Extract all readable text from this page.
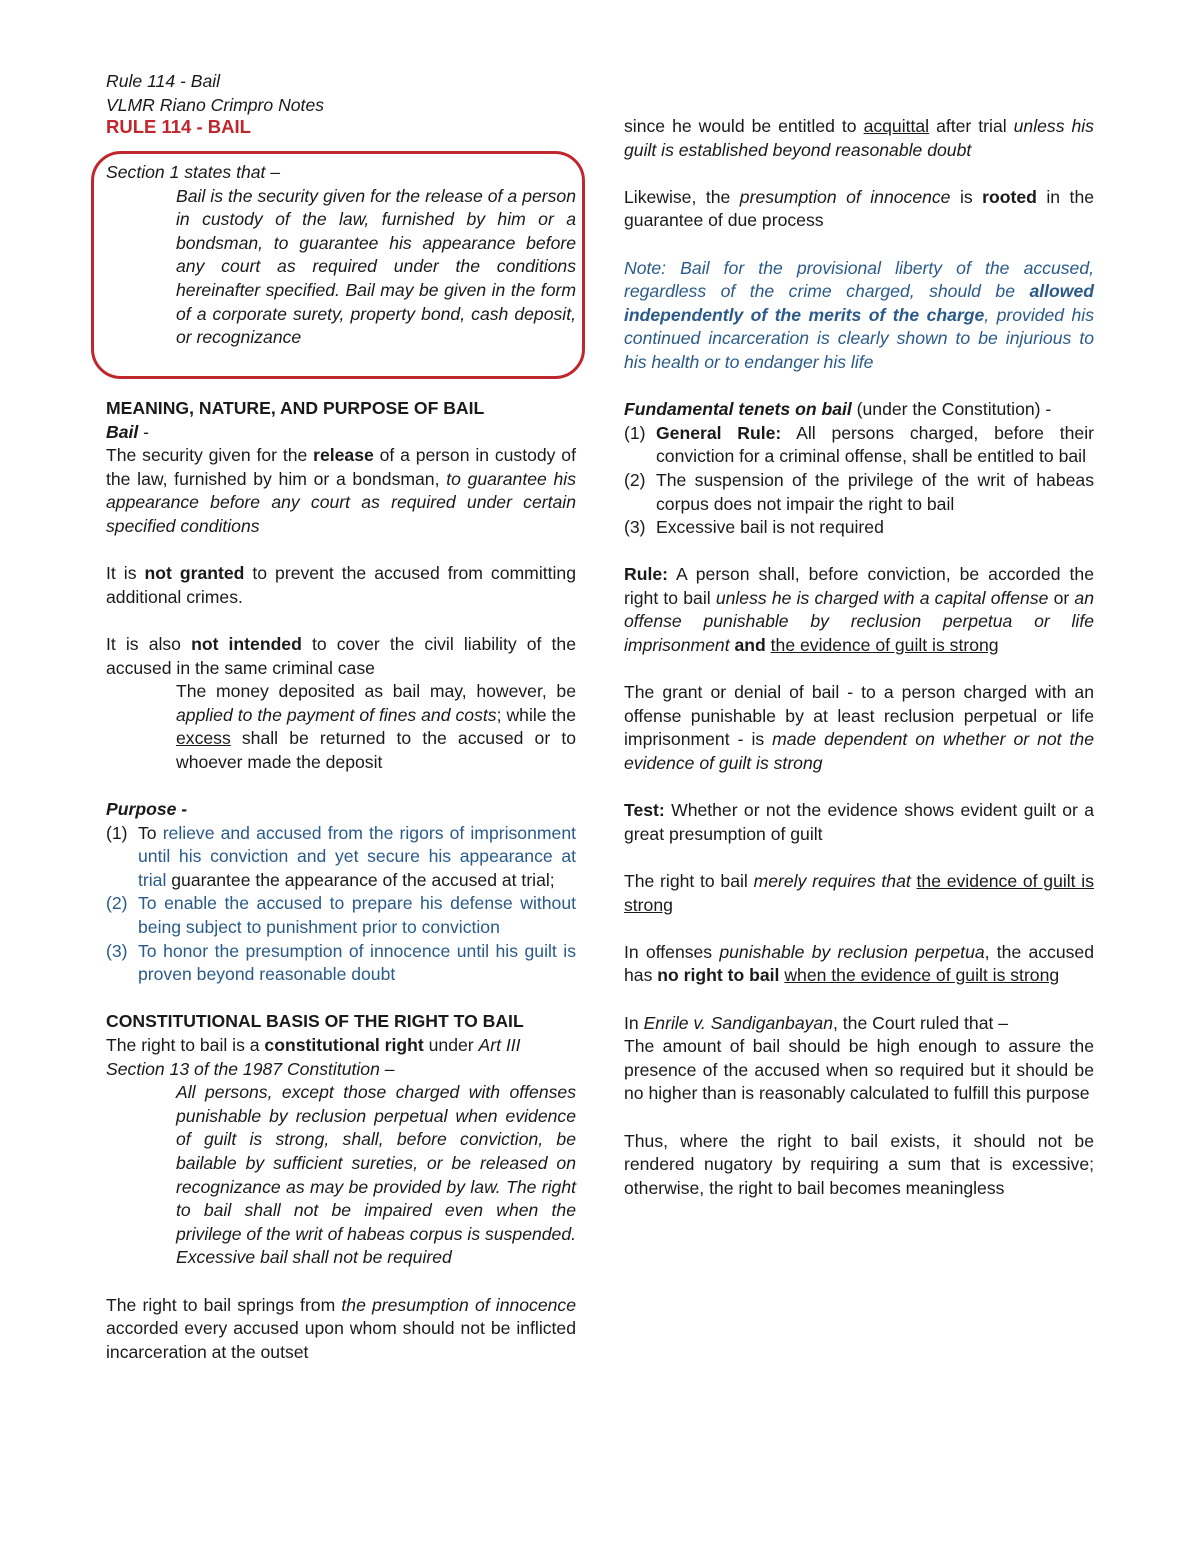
Rule 114 - Bail

VLMR Riano Crimpro Notes

RULE 114 - BAIL

Section 1 states that –

Bail is the security given for the release of a person in custody of the law, furnished by him or a bondsman, to guarantee his appearance before any court as required under the conditions hereinafter specified. Bail may be given in the form of a corporate surety, property bond, cash deposit, or recognizance

MEANING, NATURE, AND PURPOSE OF BAIL

Bail -

The security given for the release of a person in custody of the law, furnished by him or a bondsman, to guarantee his appearance before any court as required under certain specified conditions

It is not granted to prevent the accused from committing additional crimes.

It is also not intended to cover the civil liability of the accused in the same criminal case

The money deposited as bail may, however, be applied to the payment of fines and costs; while the excess shall be returned to the accused or to whoever made the deposit

Purpose -

(1) To relieve and accused from the rigors of imprisonment until his conviction and yet secure his appearance at trial guarantee the appearance of the accused at trial;
(2) To enable the accused to prepare his defense without being subject to punishment prior to conviction
(3) To honor the presumption of innocence until his guilt is proven beyond reasonable doubt

CONSTITUTIONAL BASIS OF THE RIGHT TO BAIL

The right to bail is a constitutional right under Art III Section 13 of the 1987 Constitution –

All persons, except those charged with offenses punishable by reclusion perpetual when evidence of guilt is strong, shall, before conviction, be bailable by sufficient sureties, or be released on recognizance as may be provided by law. The right to bail shall not be impaired even when the privilege of the writ of habeas corpus is suspended. Excessive bail shall not be required

The right to bail springs from the presumption of innocence accorded every accused upon whom should not be inflicted incarceration at the outset

since he would be entitled to acquittal after trial unless his guilt is established beyond reasonable doubt

Likewise, the presumption of innocence is rooted in the guarantee of due process

Note: Bail for the provisional liberty of the accused, regardless of the crime charged, should be allowed independently of the merits of the charge, provided his continued incarceration is clearly shown to be injurious to his health or to endanger his life

Fundamental tenets on bail (under the Constitution) -

(1) General Rule: All persons charged, before their conviction for a criminal offense, shall be entitled to bail
(2) The suspension of the privilege of the writ of habeas corpus does not impair the right to bail
(3) Excessive bail is not required

Rule: A person shall, before conviction, be accorded the right to bail unless he is charged with a capital offense or an offense punishable by reclusion perpetua or life imprisonment and the evidence of guilt is strong

The grant or denial of bail - to a person charged with an offense punishable by at least reclusion perpetual or life imprisonment - is made dependent on whether or not the evidence of guilt is strong

Test: Whether or not the evidence shows evident guilt or a great presumption of guilt

The right to bail merely requires that the evidence of guilt is strong

In offenses punishable by reclusion perpetua, the accused has no right to bail when the evidence of guilt is strong

In Enrile v. Sandiganbayan, the Court ruled that –

The amount of bail should be high enough to assure the presence of the accused when so required but it should be no higher than is reasonably calculated to fulfill this purpose

Thus, where the right to bail exists, it should not be rendered nugatory by requiring a sum that is excessive; otherwise, the right to bail becomes meaningless
